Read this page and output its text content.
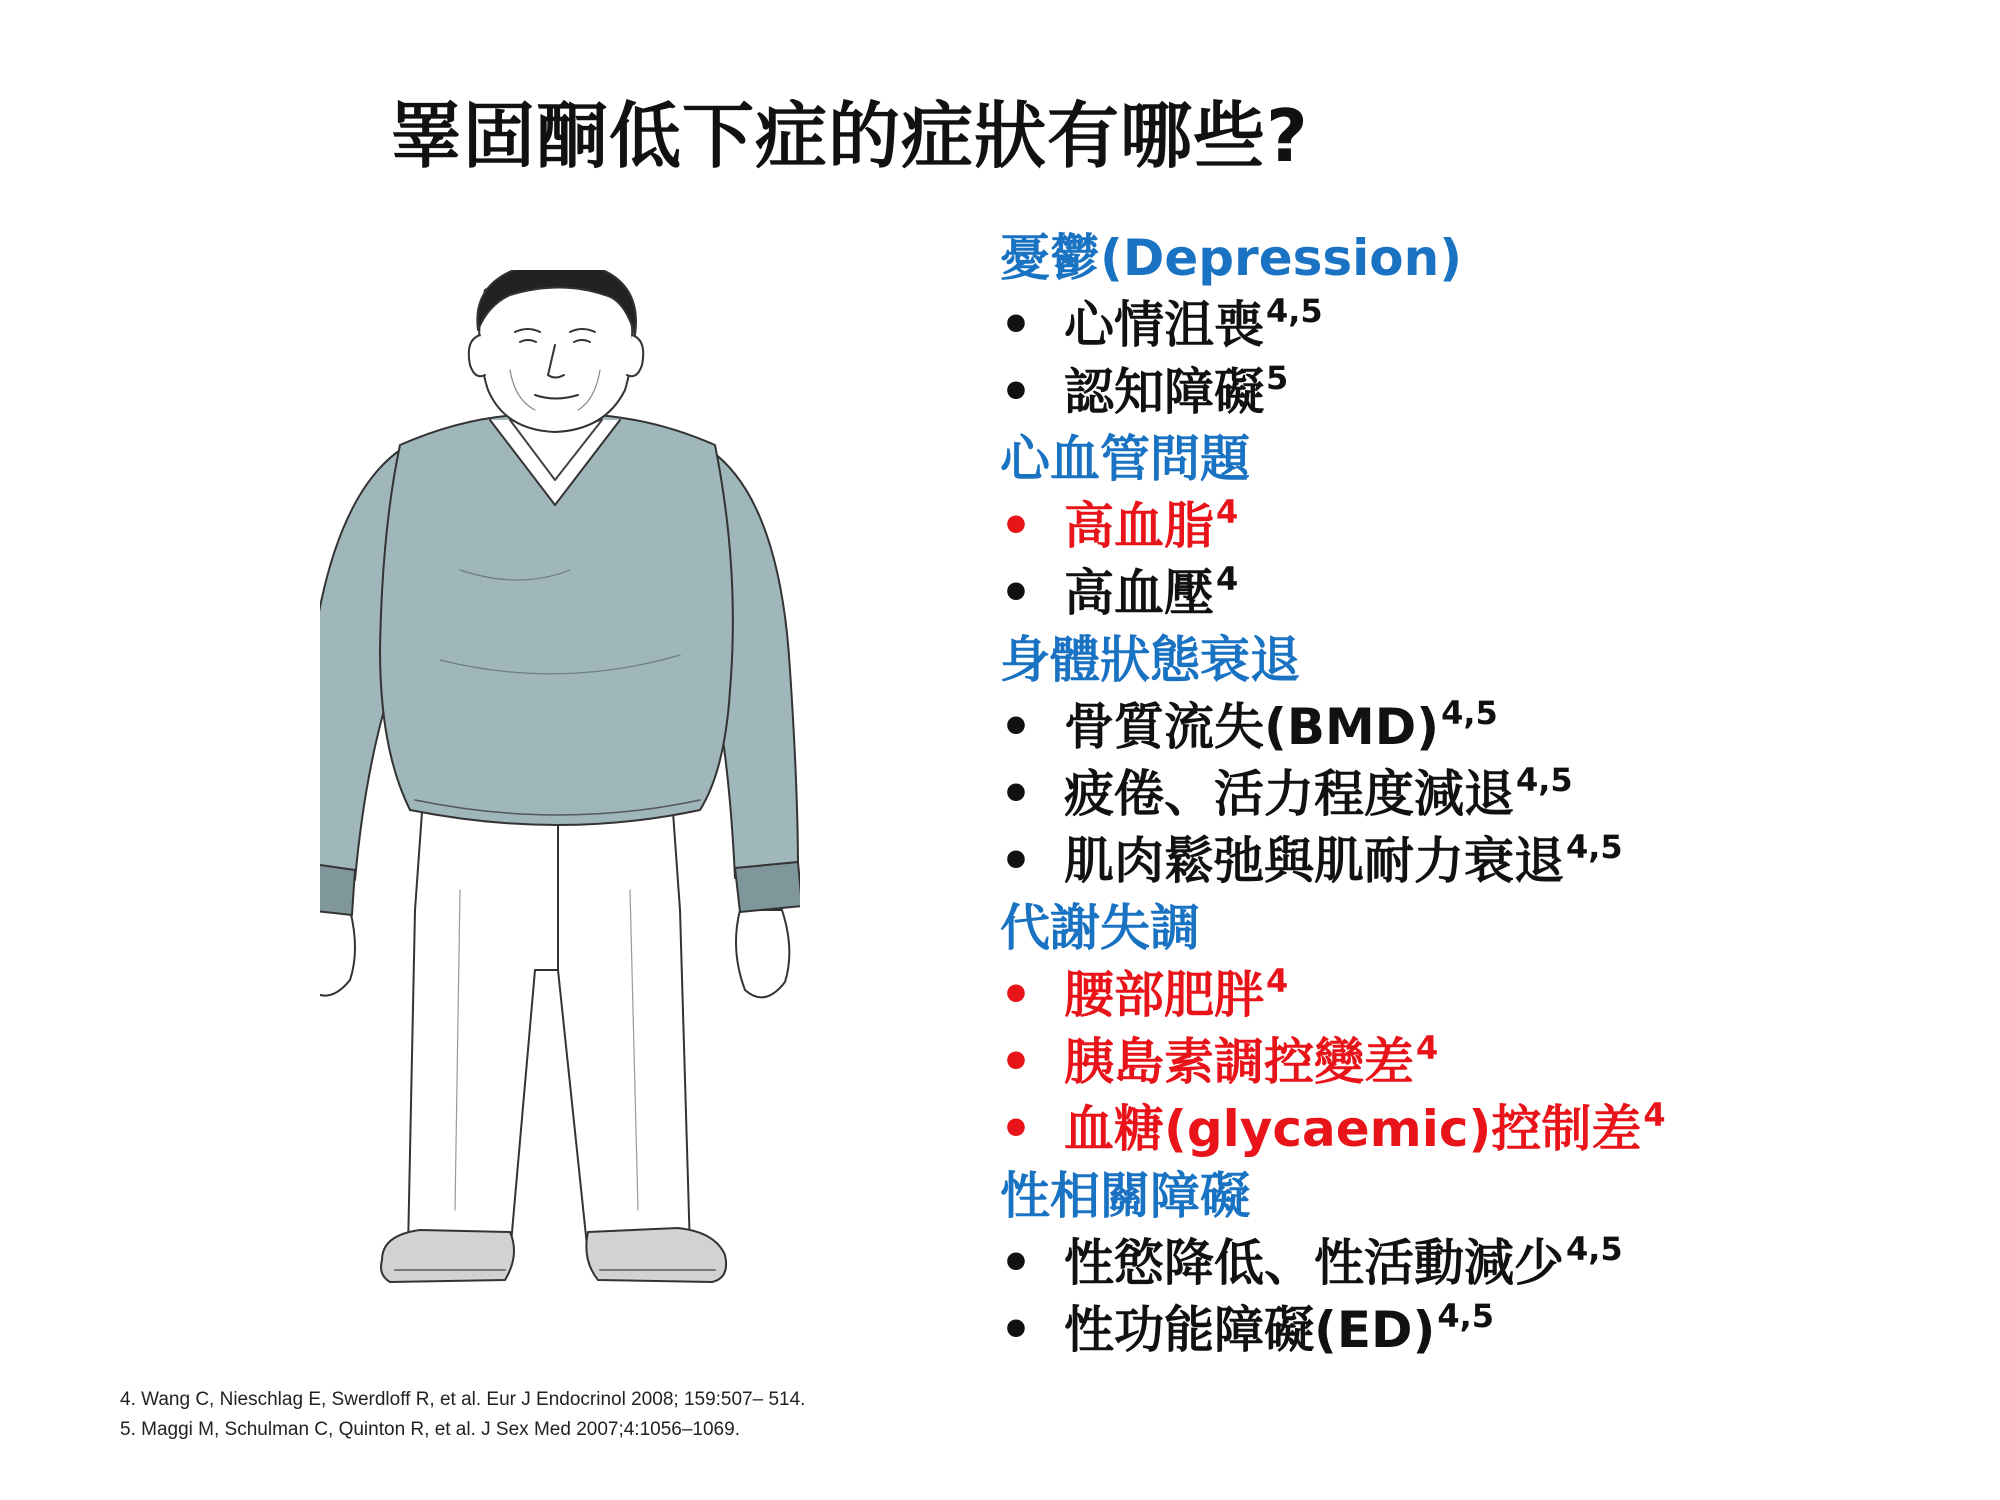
睪固酮低下症的症狀有哪些?
憂鬱(Depression)
• 心情沮喪$^{4,5}$
• 認知障礙$^5$
心血管問題
• 高血脂$^4$
• 高血壓$^4$
身體狀態衰退
• 骨質流失(BMD)$^{4,5}$
• 疲倦、活力程度減退$^{4,5}$
• 肌肉鬆弛與肌耐力衰退$^{4,5}$
代謝失調
• 腰部肥胖$^4$
• 胰島素調控變差$^4$
• 血糖(glycaemic)控制差$^4$
性相關障礙
• 性慾降低、性活動減少$^{4,5}$
• 性功能障礙(ED)$^{4,5}$
4. Wang C, Nieschlag E, Swerdloff R, et al. Eur J Endocrinol 2008; 159:507– 514.
5. Maggi M, Schulman C, Quinton R, et al. J Sex Med 2007;4:1056–1069.
